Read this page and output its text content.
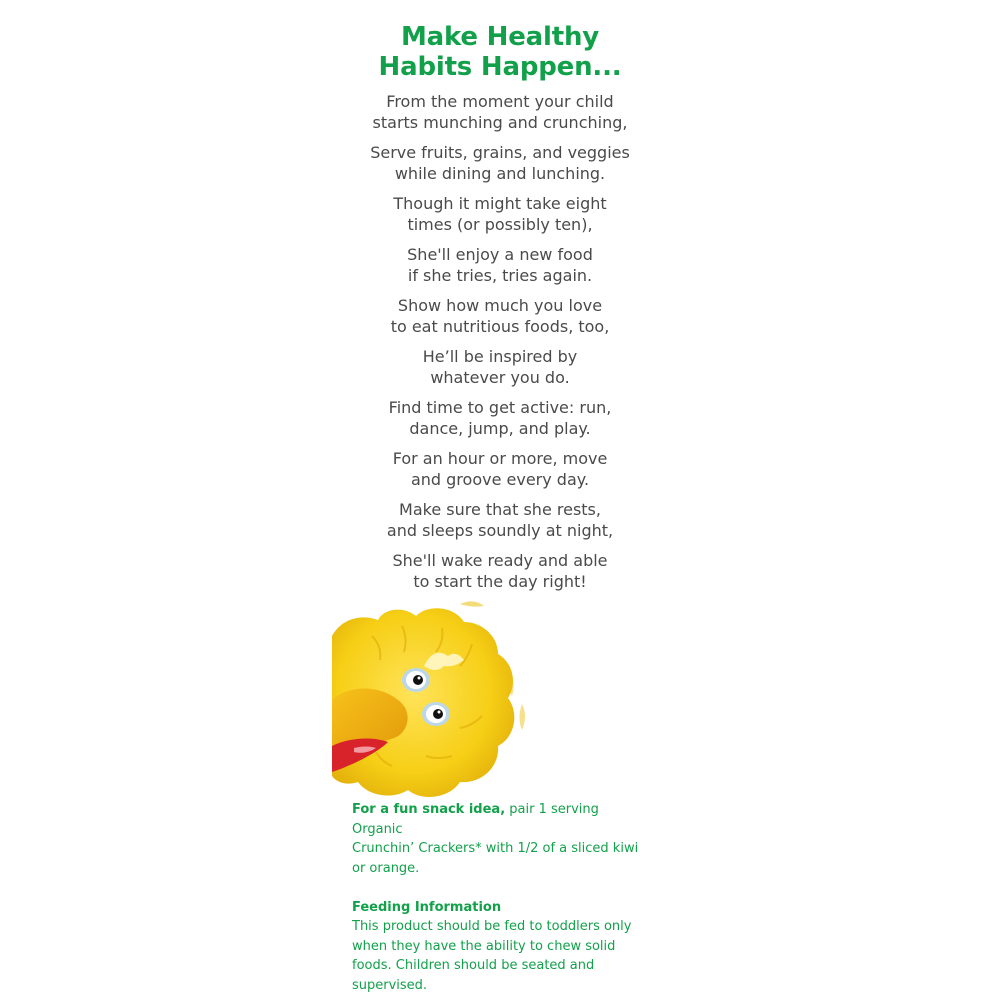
Make Healthy
Habits Happen...
From the moment your child
starts munching and crunching,
Serve fruits, grains, and veggies
while dining and lunching.
Though it might take eight
times (or possibly ten),
She'll enjoy a new food
if she tries, tries again.
Show how much you love
to eat nutritious foods, too,
He’ll be inspired by
whatever you do.
Find time to get active: run,
dance, jump, and play.
For an hour or more, move
and groove every day.
Make sure that she rests,
and sleeps soundly at night,
She'll wake ready and able
to start the day right!
For a fun snack idea, pair 1 serving Organic
Crunchin’ Crackers* with 1/2 of a sliced kiwi
or orange.
Feeding Information
This product should be fed to toddlers only
when they have the ability to chew solid
foods. Children should be seated and
supervised.
